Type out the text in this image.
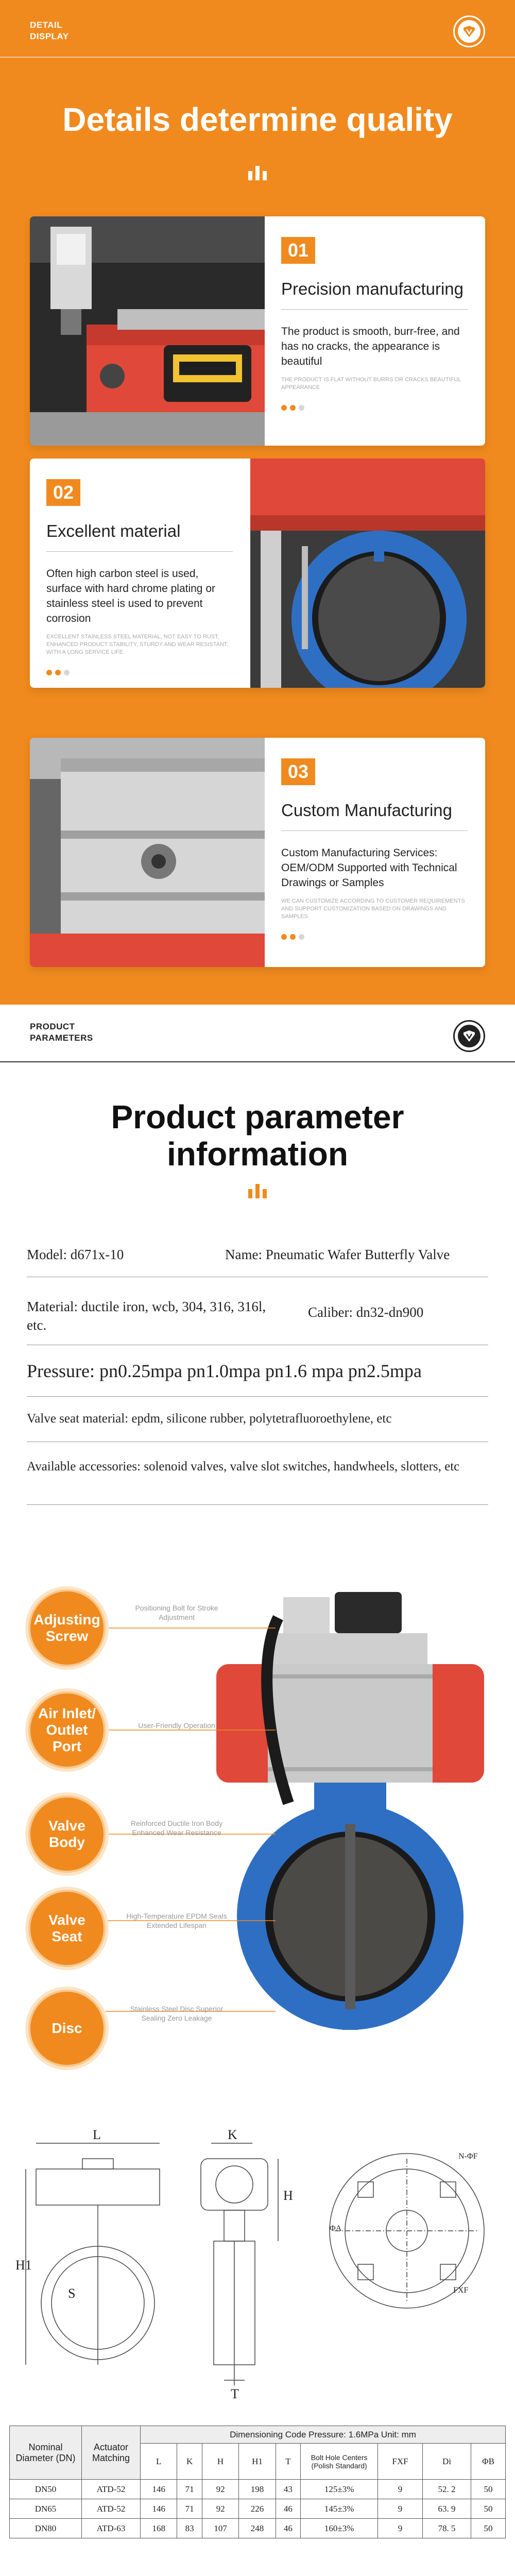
DETAIL
DISPLAY
Details determine quality
01
Precision manufacturing
The product is smooth, burr-free, and has no cracks, the appearance is beautiful
THE PRODUCT IS FLAT WITHOUT BURRS OR CRACKS BEAUTIFUL APPEARANCE
02
Excellent material
Often high carbon steel is used, surface with hard chrome plating or stainless steel is used to prevent corrosion
EXCELLENT STAINLESS STEEL MATERIAL, NOT EASY TO RUST, ENHANCED PRODUCT STABILITY, STURDY AND WEAR RESISTANT, WITH A LONG SERVICE LIFE
03
Custom Manufacturing
Custom Manufacturing Services: OEM/ODM Supported with Technical Drawings or Samples
WE CAN CUSTOMIZE ACCORDING TO CUSTOMER REQUIREMENTS AND SUPPORT CUSTOMIZATION BASED ON DRAWINGS AND SAMPLES
PRODUCT
PARAMETERS
Product parameter
information
Model: d671x-10	Name: Pneumatic Wafer Butterfly Valve
Material: ductile iron, wcb, 304, 316, 316l, etc.
Caliber: dn32-dn900
Pressure: pn0.25mpa pn1.0mpa pn1.6 mpa pn2.5mpa
Valve seat material: epdm, silicone rubber, polytetrafluoroethylene, etc
Available accessories: solenoid valves, valve slot switches, handwheels, slotters, etc
Adjusting
Screw
Positioning Bolt for Stroke Adjustment
Air Inlet/
Outlet Port
User-Friendly Operation
Valve
Body
Reinforced Ductile Iron Body Enhanced Wear Resistance
Valve
Seat
High-Temperature EPDM Seals Extended Lifespan
Disc
Stainless Steel Disc Superior Sealing Zero Leakage
L	K
H
H1
S
T
ΦA
N-ΦF
FXF
Nominal Diameter (DN)	Actuator Matching	Dimensioning Code Pressure: 1.6MPa Unit: mm								
		L	K	H	H1	T	Bolt Hole Centers (Polish Standard)	FXF	Di	ΦB
DN50	ATD-52	146	71	92	198	43	125±3%	9	52. 2	50
DN65	ATD-52	146	71	92	226	46	145±3%	9	63. 9	50
DN80	ATD-63	168	83	107	248	46	160±3%	9	78. 5	50
